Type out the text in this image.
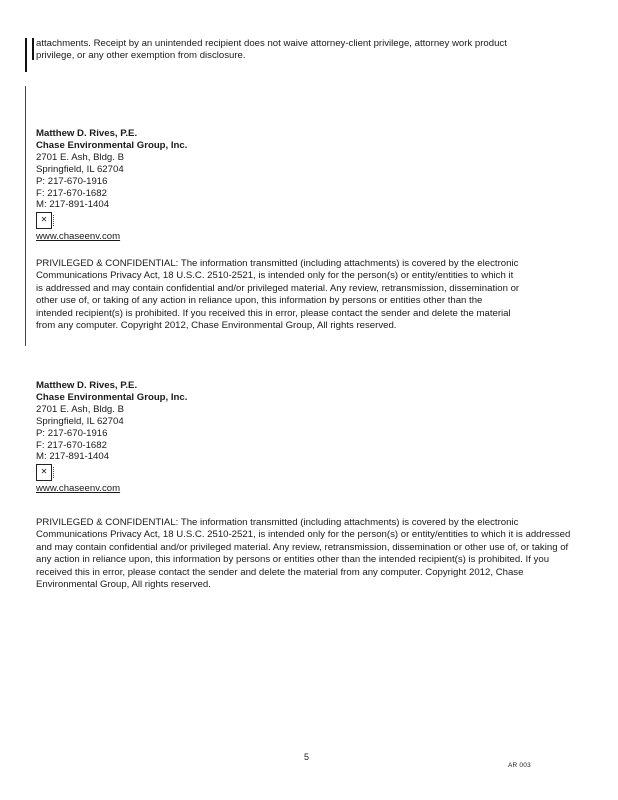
attachments. Receipt by an unintended recipient does not waive attorney-client privilege, attorney work product privilege, or any other exemption from disclosure.

Matthew D. Rives, P.E.
Chase Environmental Group, Inc.
2701 E. Ash, Bldg. B
Springfield, IL 62704
P: 217-670-1916
F: 217-670-1682
M: 217-891-1404
✕
www.chaseenv.com

PRIVILEGED & CONFIDENTIAL: The information transmitted (including attachments) is covered by the electronic Communications Privacy Act, 18 U.S.C. 2510-2521, is intended only for the person(s) or entity/entities to which it is addressed and may contain confidential and/or privileged material. Any review, retransmission, dissemination or other use of, or taking of any action in reliance upon, this information by persons or entities other than the intended recipient(s) is prohibited. If you received this in error, please contact the sender and delete the material from any computer. Copyright 2012, Chase Environmental Group, All rights reserved.

Matthew D. Rives, P.E.
Chase Environmental Group, Inc.
2701 E. Ash, Bldg. B
Springfield, IL 62704
P: 217-670-1916
F: 217-670-1682
M: 217-891-1404
✕
www.chaseenv.com

PRIVILEGED & CONFIDENTIAL: The information transmitted (including attachments) is covered by the electronic Communications Privacy Act, 18 U.S.C. 2510-2521, is intended only for the person(s) or entity/entities to which it is addressed and may contain confidential and/or privileged material. Any review, retransmission, dissemination or other use of, or taking of any action in reliance upon, this information by persons or entities other than the intended recipient(s) is prohibited. If you received this in error, please contact the sender and delete the material from any computer. Copyright 2012, Chase Environmental Group, All rights reserved.

5
AR 003
